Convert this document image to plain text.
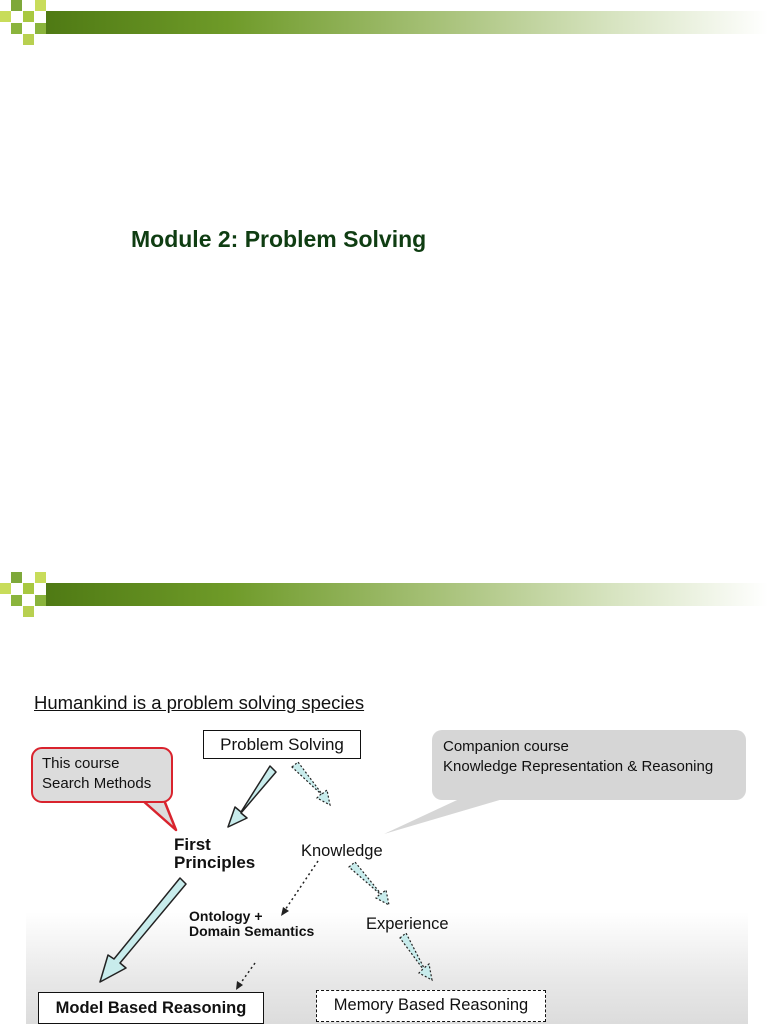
Module 2: Problem Solving
Humankind is a problem solving species
Problem Solving
This course
Search Methods
Companion course
Knowledge Representation & Reasoning
First
Principles
Knowledge
Ontology +
Domain Semantics	Experience
Model Based Reasoning	Memory Based Reasoning
